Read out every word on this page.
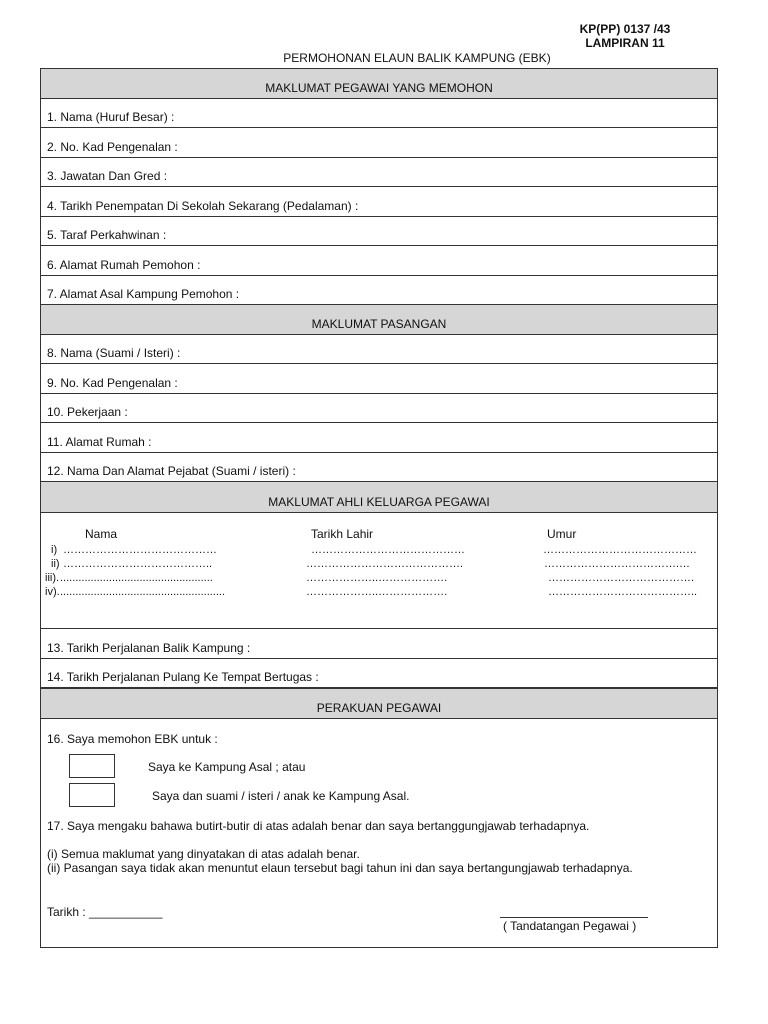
KP(PP) 0137 /43
LAMPIRAN 11
PERMOHONAN ELAUN BALIK KAMPUNG (EBK)
MAKLUMAT PEGAWAI YANG MEMOHON
1. Nama (Huruf Besar) :
2. No. Kad Pengenalan :
3. Jawatan Dan Gred :
4. Tarikh Penempatan Di Sekolah Sekarang (Pedalaman) :
5. Taraf Perkahwinan :
6. Alamat Rumah Pemohon :
7. Alamat Asal Kampung Pemohon :
MAKLUMAT PASANGAN
8. Nama (Suami / Isteri) :
9. No. Kad Pengenalan :
10. Pekerjaan :
11. Alamat Rumah :
12. Nama Dan Alamat Pejabat (Suami / isteri) :
MAKLUMAT AHLI KELUARGA PEGAWAI
Nama	Tarikh Lahir	Umur
i) ……………………………………	……………………………………	……………………………………
ii) …………………………………..	…………………………………….	……………………………….…
iii). ..................................................	………………..……………….	………………………………….
iv). ......................................................	………………..……………….	…………………………………..
13. Tarikh Perjalanan Balik Kampung :
14. Tarikh Perjalanan Pulang Ke Tempat Bertugas :
PERAKUAN PEGAWAI
16. Saya memohon EBK untuk :
Saya ke Kampung Asal ; atau
Saya dan suami / isteri / anak ke Kampung Asal.
17. Saya mengaku bahawa butirt-butir di atas adalah benar dan saya bertanggungjawab terhadapnya.
(i) Semua maklumat yang dinyatakan di atas adalah benar.
(ii) Pasangan saya tidak akan menuntut elaun tersebut bagi tahun ini dan saya bertangungjawab terhadapnya.
Tarikh : ___________
( Tandatangan Pegawai )
